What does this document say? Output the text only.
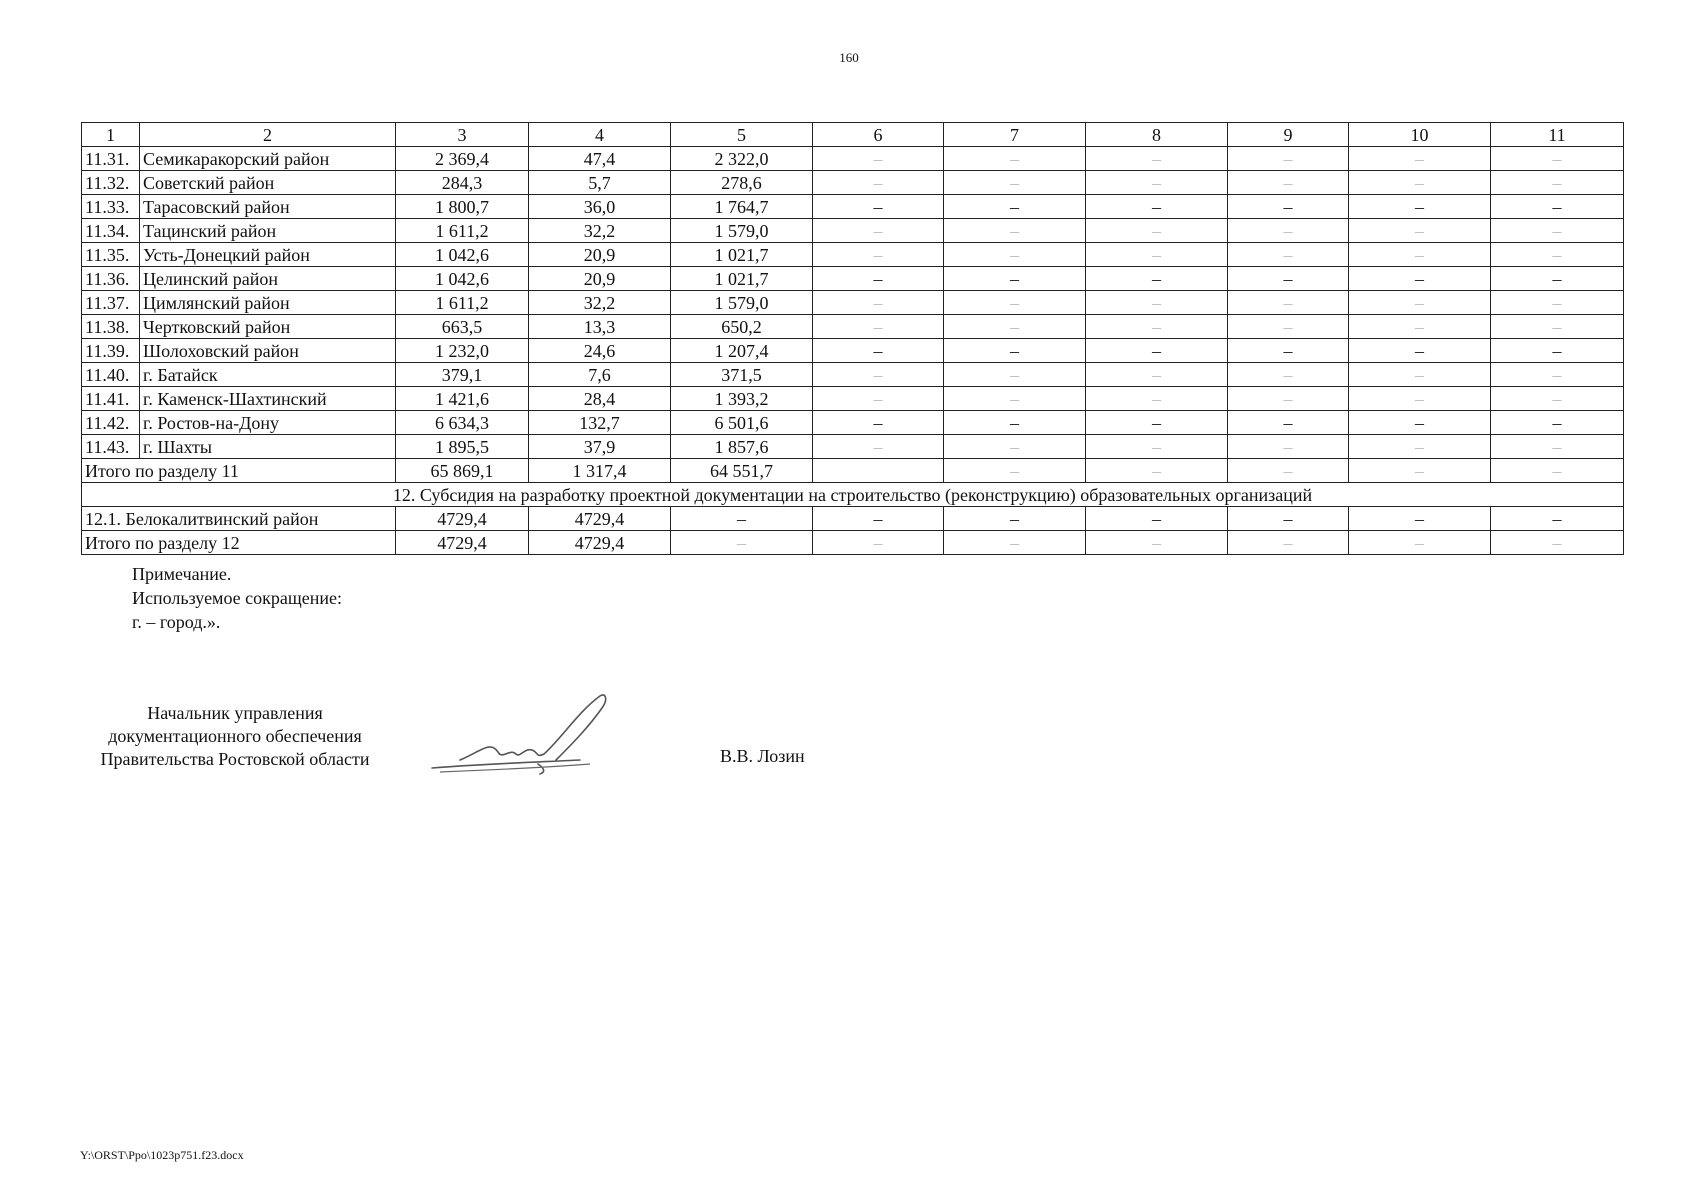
160
1	2	3	4	5	6	7	8	9	10	11
11.31.	Семикаракорский район	2 369,4	47,4	2 322,0	–	–	–	–	–	–
11.32.	Советский район	284,3	5,7	278,6	–	–	–	–	–	–
11.33.	Тарасовский район	1 800,7	36,0	1 764,7	–	–	–	–	–	–
11.34.	Тацинский район	1 611,2	32,2	1 579,0	–	–	–	–	–	–
11.35.	Усть-Донецкий район	1 042,6	20,9	1 021,7	–	–	–	–	–	–
11.36.	Целинский район	1 042,6	20,9	1 021,7	–	–	–	–	–	–
11.37.	Цимлянский район	1 611,2	32,2	1 579,0	–	–	–	–	–	–
11.38.	Чертковский район	663,5	13,3	650,2	–	–	–	–	–	–
11.39.	Шолоховский район	1 232,0	24,6	1 207,4	–	–	–	–	–	–
11.40.	г. Батайск	379,1	7,6	371,5	–	–	–	–	–	–
11.41.	г. Каменск-Шахтинский	1 421,6	28,4	1 393,2	–	–	–	–	–	–
11.42.	г. Ростов-на-Дону	6 634,3	132,7	6 501,6	–	–	–	–	–	–
11.43.	г. Шахты	1 895,5	37,9	1 857,6	–	–	–	–	–	–
Итого по разделу 11		65 869,1	1 317,4	64 551,7		–	–	–	–	–
12. Субсидия на разработку проектной документации на строительство (реконструкцию) образовательных организаций										
12.1. Белокалитвинский район		4729,4	4729,4	–	–	–	–	–	–	–
Итого по разделу 12		4729,4	4729,4	–	–	–	–	–	–	–
Примечание.
Используемое сокращение:
г. – город.».
Начальник управления
документационного обеспечения
Правительства Ростовской области	В.В. Лозин
Y:\ORST\Ppo\1023p751.f23.docx
